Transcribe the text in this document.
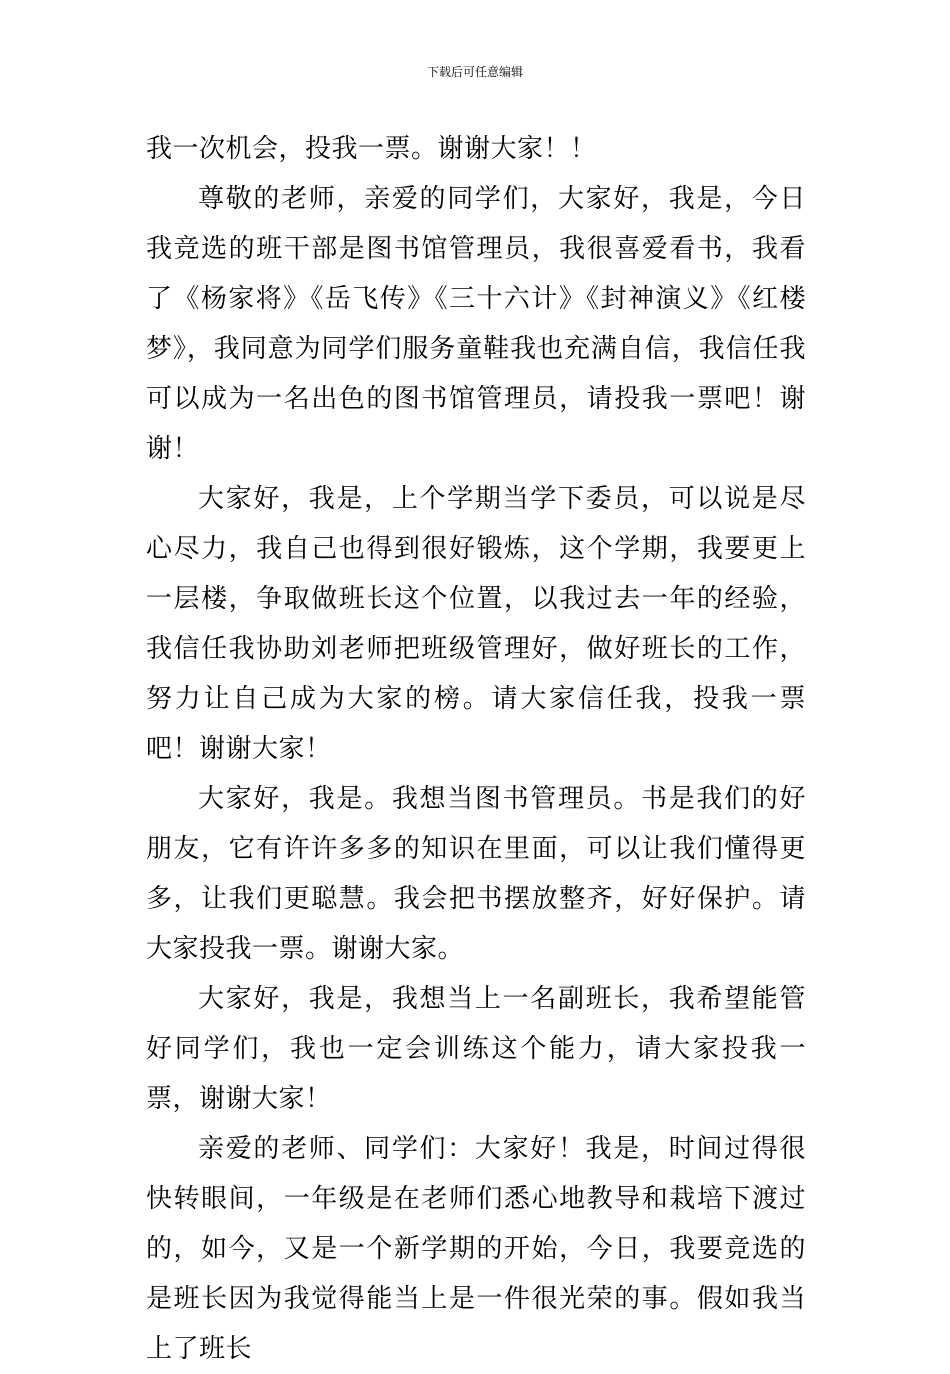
下载后可任意编辑

我一次机会，投我一票。谢谢大家！！

尊敬的老师，亲爱的同学们，大家好，我是，今日我竞选的班干部是图书馆管理员，我很喜爱看书，我看了《杨家将》《岳飞传》《三十六计》《封神演义》《红楼梦》，我同意为同学们服务童鞋我也充满自信，我信任我可以成为一名出色的图书馆管理员，请投我一票吧！谢谢！

大家好，我是，上个学期当学下委员，可以说是尽心尽力，我自己也得到很好锻炼，这个学期，我要更上一层楼，争取做班长这个位置，以我过去一年的经验，我信任我协助刘老师把班级管理好，做好班长的工作，努力让自己成为大家的榜。请大家信任我，投我一票吧！谢谢大家！

大家好，我是。我想当图书管理员。书是我们的好朋友，它有许许多多的知识在里面，可以让我们懂得更多，让我们更聪慧。我会把书摆放整齐，好好保护。请大家投我一票。谢谢大家。

大家好，我是，我想当上一名副班长，我希望能管好同学们，我也一定会训练这个能力，请大家投我一票，谢谢大家！

亲爱的老师、同学们：大家好！我是，时间过得很快转眼间，一年级是在老师们悉心地教导和栽培下渡过的，如今，又是一个新学期的开始，今日，我要竞选的是班长因为我觉得能当上是一件很光荣的事。假如我当上了班长
